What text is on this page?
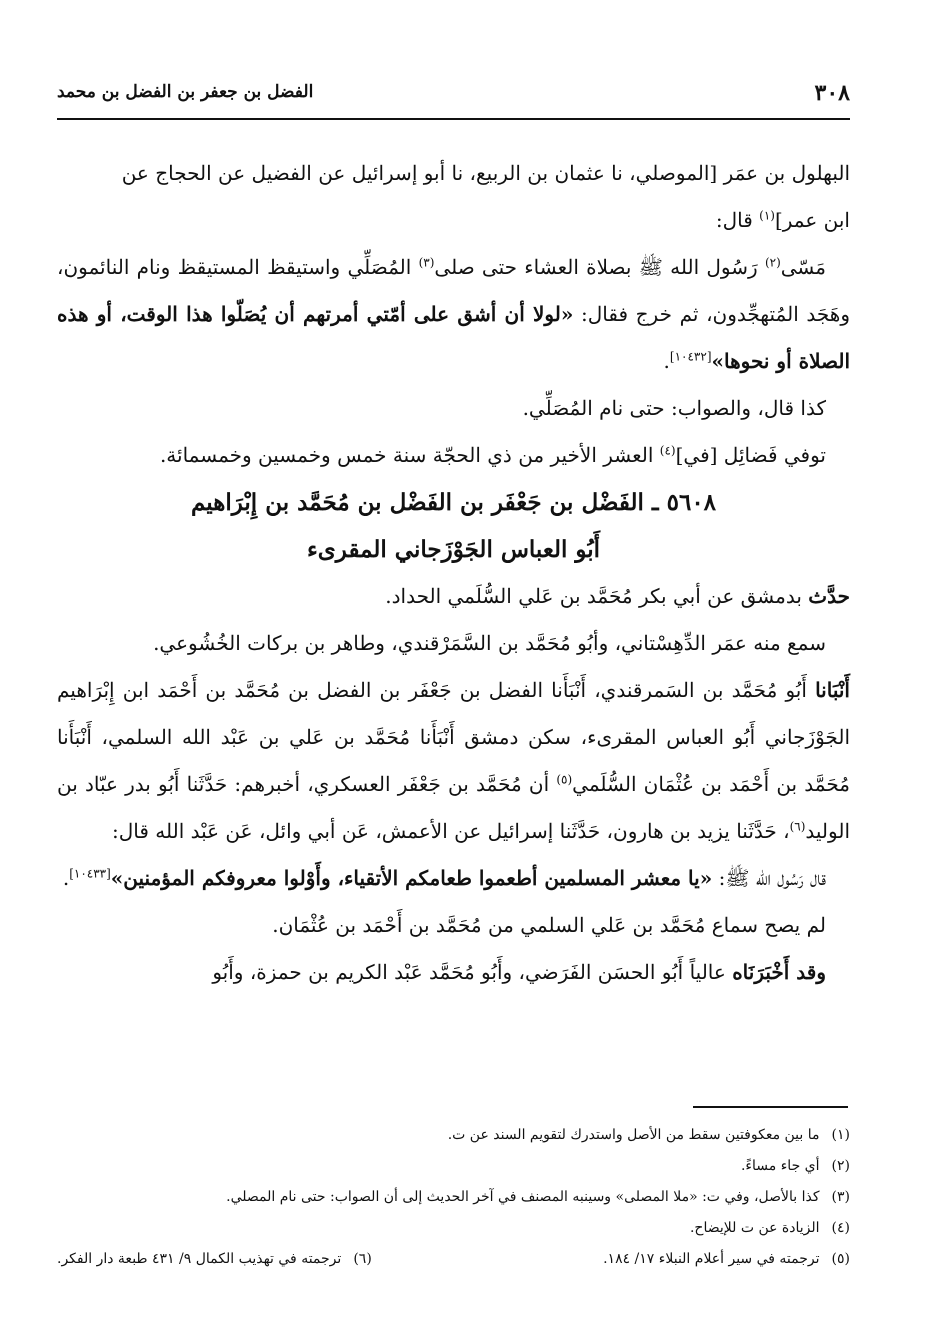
٣٠٨
الفضل بن جعفر بن الفضل بن محمد

البهلول بن عمَر [الموصلي، نا عثمان بن الربيع، نا أبو إسرائيل عن الفضيل عن الحجاج عن
ابن عمر]$^{(١)}$ قال:

مَسّى$^{(٢)}$ رَسُول الله ﷺ بصلاة العشاء حتى صلى$^{(٣)}$ المُصَلِّي واستيقظ المستيقظ ونام النائمون، وهَجَد المُتهجِّدون، ثم خرج فقال: «لولا أن أشق على أمّتي أمرتهم أن يُصَلّوا هذا الوقت، أو هذه الصلاة أو نحوها»[١٠٤٣٢].

كذا قال، والصواب: حتى نام المُصَلِّي.

توفي فَضائِل [في]$^{(٤)}$ العشر الأخير من ذي الحجّة سنة خمس وخمسين وخمسمائة.

٥٦٠٨ ـ الفَضْل بن جَعْفَر بن الفَضْل بن مُحَمَّد بن إِبْرَاهيم
أَبُو العباس الجَوْزَجاني المقرىء

حدَّث بدمشق عن أبي بكر مُحَمَّد بن عَلي السُّلَمي الحداد.

سمع منه عمَر الدِّهِسْتاني، وأبُو مُحَمَّد بن السَّمَرْقندي، وطاهر بن بركات الخُشُوعي.

أَنْبَانا أَبُو مُحَمَّد بن السَمرقندي، أَنْبَأَنا الفضل بن جَعْفَر بن الفضل بن مُحَمَّد بن أَحْمَد ابن إِبْرَاهيم الجَوْزَجاني أَبُو العباس المقرىء، سكن دمشق أَنْبَأَنا مُحَمَّد بن عَلي بن عَبْد الله السلمي، أَنْبَأَنا مُحَمَّد بن أَحْمَد بن عُثْمَان السُّلَمي$^{(٥)}$ أن مُحَمَّد بن جَعْفَر العسكري، أخبرهم: حَدَّثَنا أَبُو بدر عبّاد بن الوليد$^{(٦)}$، حَدَّثَنا يزيد بن هارون، حَدَّثَنا إسرائيل عن الأعمش، عَن أبي وائل، عَن عَبْد الله قال:

قال رَسُول الله ﷺ: «يا معشر المسلمين أطعموا طعامكم الأتقياء، وأَوْلوا معروفكم المؤمنين»[١٠٤٣٣].

لم يصح سماع مُحَمَّد بن عَلي السلمي من مُحَمَّد بن أَحْمَد بن عُثْمَان.

وقد أَخْبَرَنَاه عالياً أَبُو الحسَن الفَرَضي، وأَبُو مُحَمَّد عَبْد الكريم بن حمزة، وأَبُو

(١)ما بين معكوفتين سقط من الأصل واستدرك لتقويم السند عن ت.
(٢)أي جاء مساءً.
(٣)كذا بالأصل، وفي ت: «ملا المصلى» وسينبه المصنف في آخر الحديث إلى أن الصواب: حتى نام المصلي.
(٤)الزيادة عن ت للإيضاح.
(٥)ترجمته في سير أعلام النبلاء ١٧/ ١٨٤.
(٦)ترجمته في تهذيب الكمال ٩/ ٤٣١ طبعة دار الفكر.
